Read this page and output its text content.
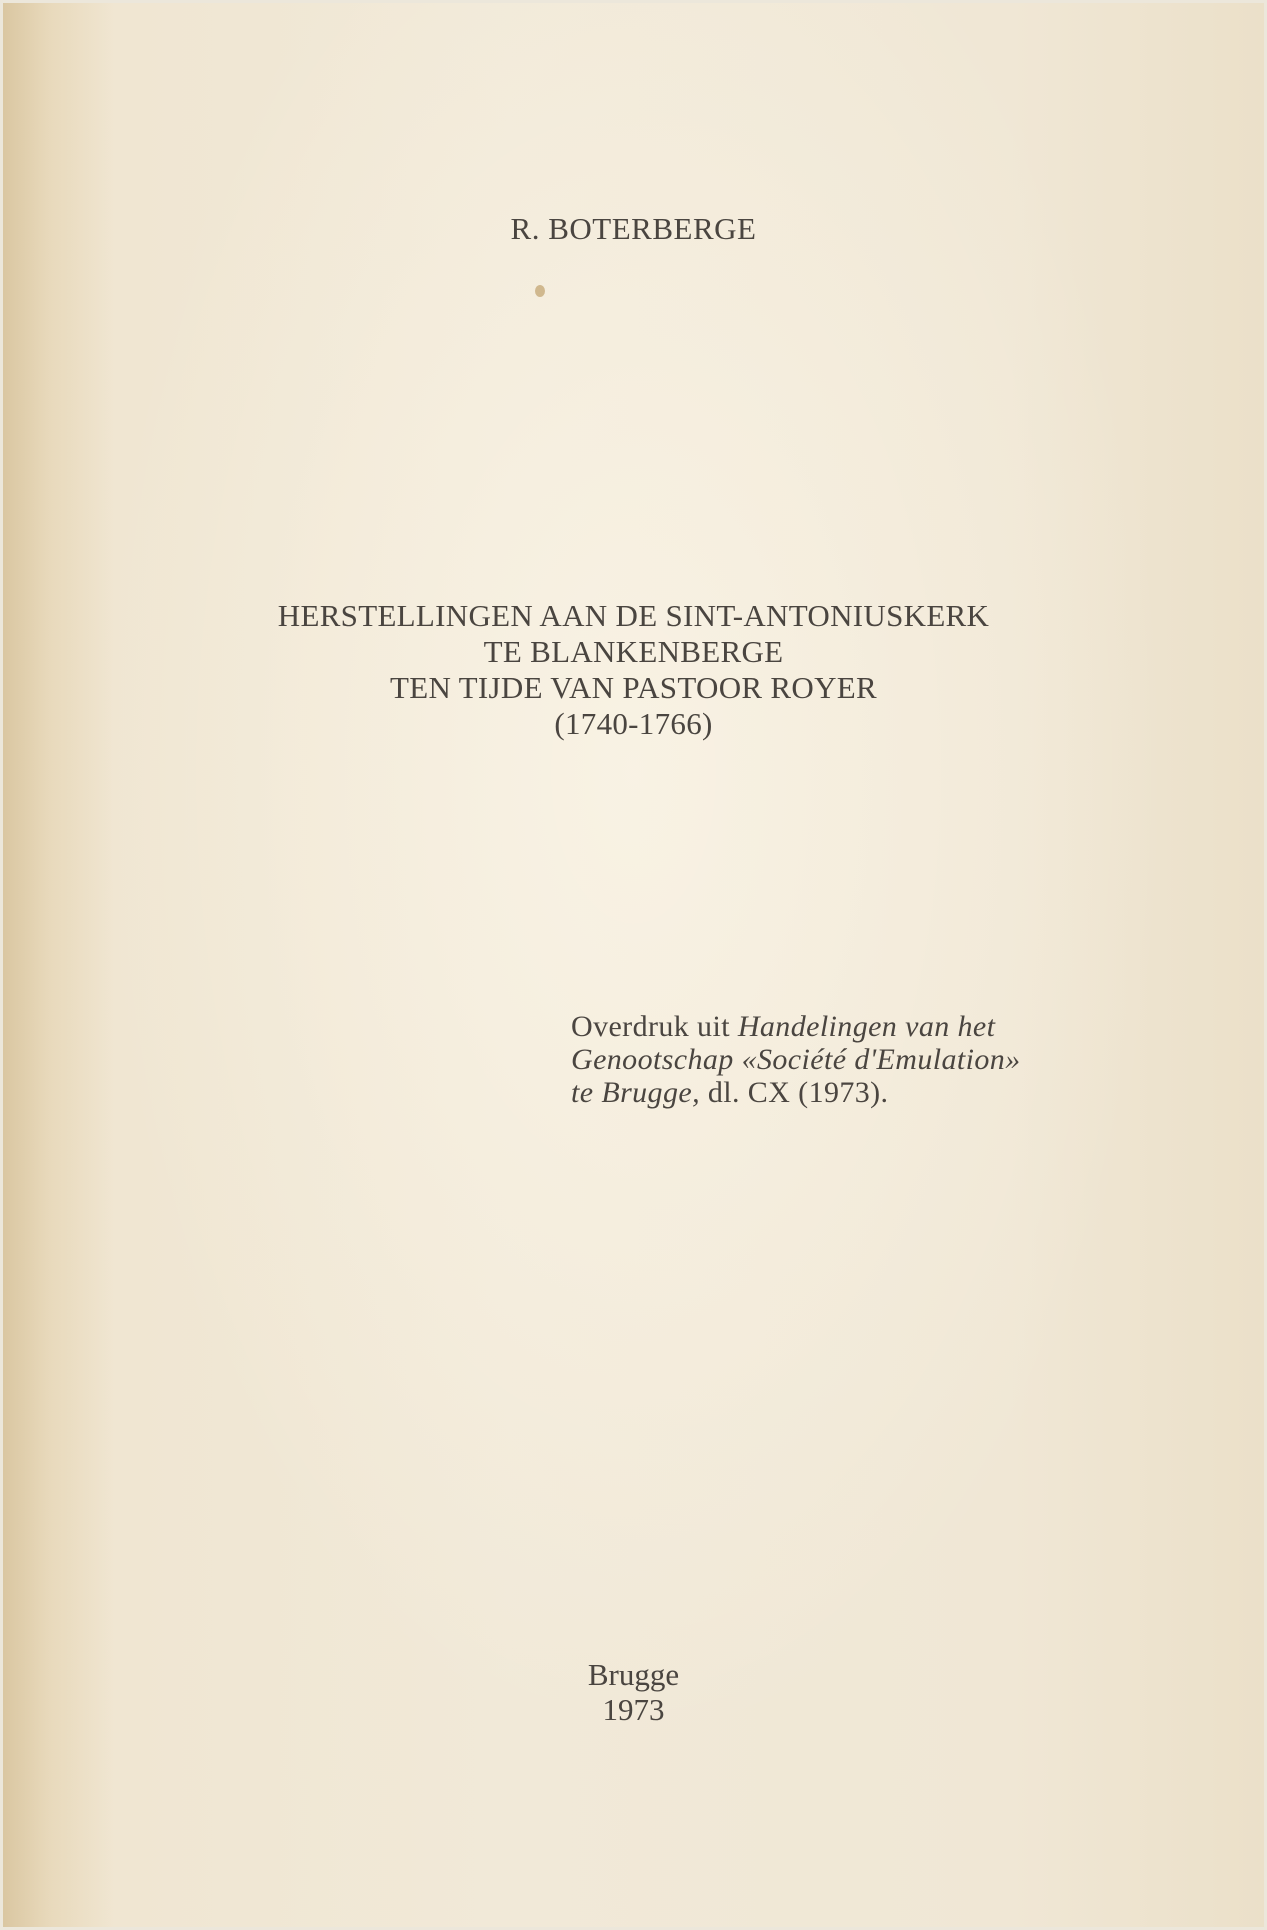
R. BOTERBERGE
HERSTELLINGEN AAN DE SINT-ANTONIUSKERK
TE BLANKENBERGE
TEN TIJDE VAN PASTOOR ROYER
(1740-1766)
Overdruk uit Handelingen van het
Genootschap «Société d'Emulation»
te Brugge, dl. CX (1973).
Brugge
1973
